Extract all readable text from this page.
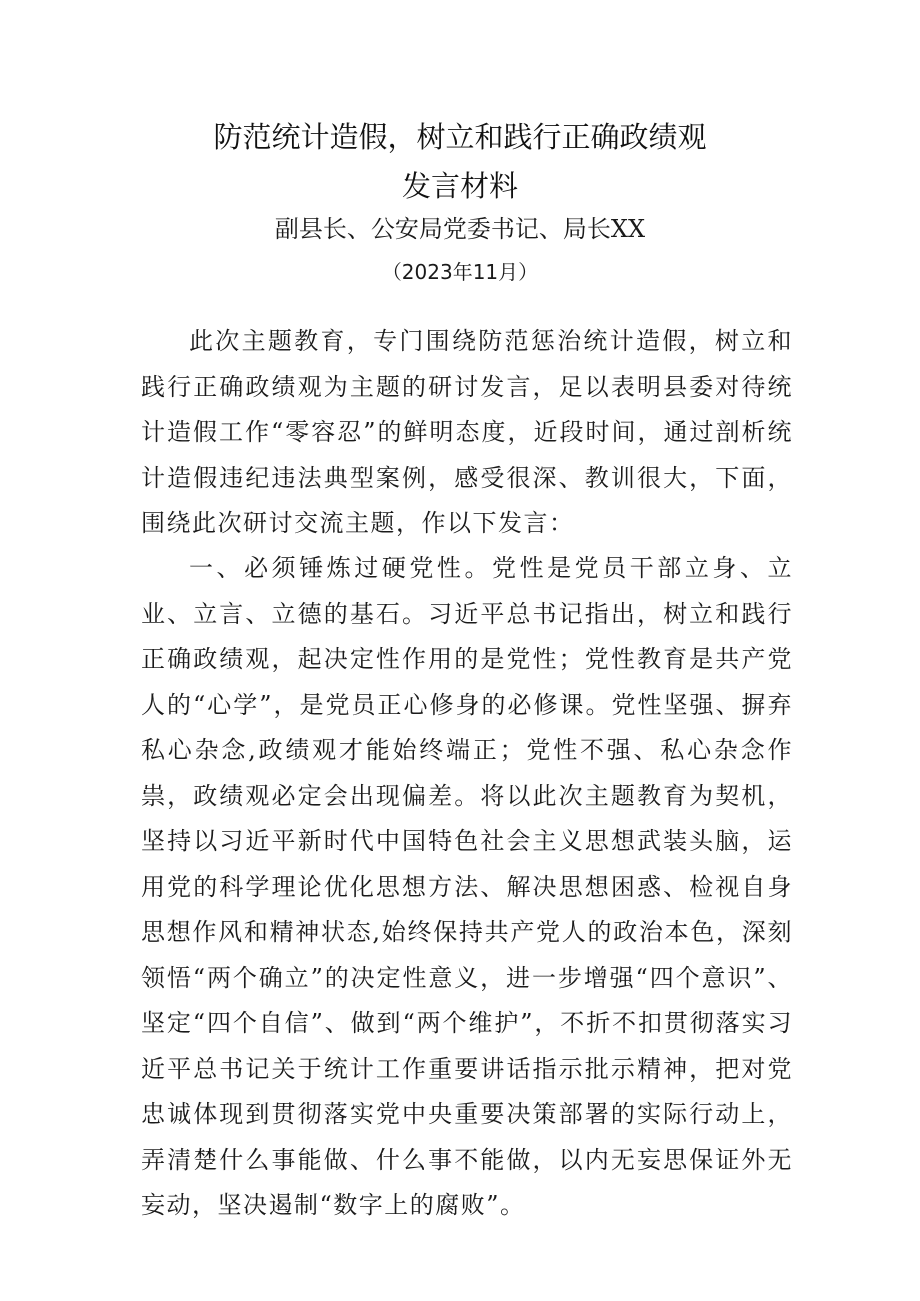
防范统计造假，树立和践行正确政绩观
发言材料
副县长、公安局党委书记、局长XX
（2023年11月）

此次主题教育，专门围绕防范惩治统计造假，树立和践行正确政绩观为主题的研讨发言，足以表明县委对待统计造假工作“零容忍”的鲜明态度，近段时间，通过剖析统计造假违纪违法典型案例，感受很深、教训很大，下面，围绕此次研讨交流主题，作以下发言：

一、必须锤炼过硬党性。党性是党员干部立身、立业、立言、立德的基石。习近平总书记指出，树立和践行正确政绩观，起决定性作用的是党性；党性教育是共产党人的“心学”，是党员正心修身的必修课。党性坚强、摒弃私心杂念,政绩观才能始终端正；党性不强、私心杂念作祟，政绩观必定会出现偏差。将以此次主题教育为契机，坚持以习近平新时代中国特色社会主义思想武装头脑，运用党的科学理论优化思想方法、解决思想困惑、检视自身思想作风和精神状态,始终保持共产党人的政治本色，深刻领悟“两个确立”的决定性意义，进一步增强“四个意识”、坚定“四个自信”、做到“两个维护”，不折不扣贯彻落实习近平总书记关于统计工作重要讲话指示批示精神，把对党忠诚体现到贯彻落实党中央重要决策部署的实际行动上，弄清楚什么事能做、什么事不能做，以内无妄思保证外无妄动，坚决遏制“数字上的腐败”。
